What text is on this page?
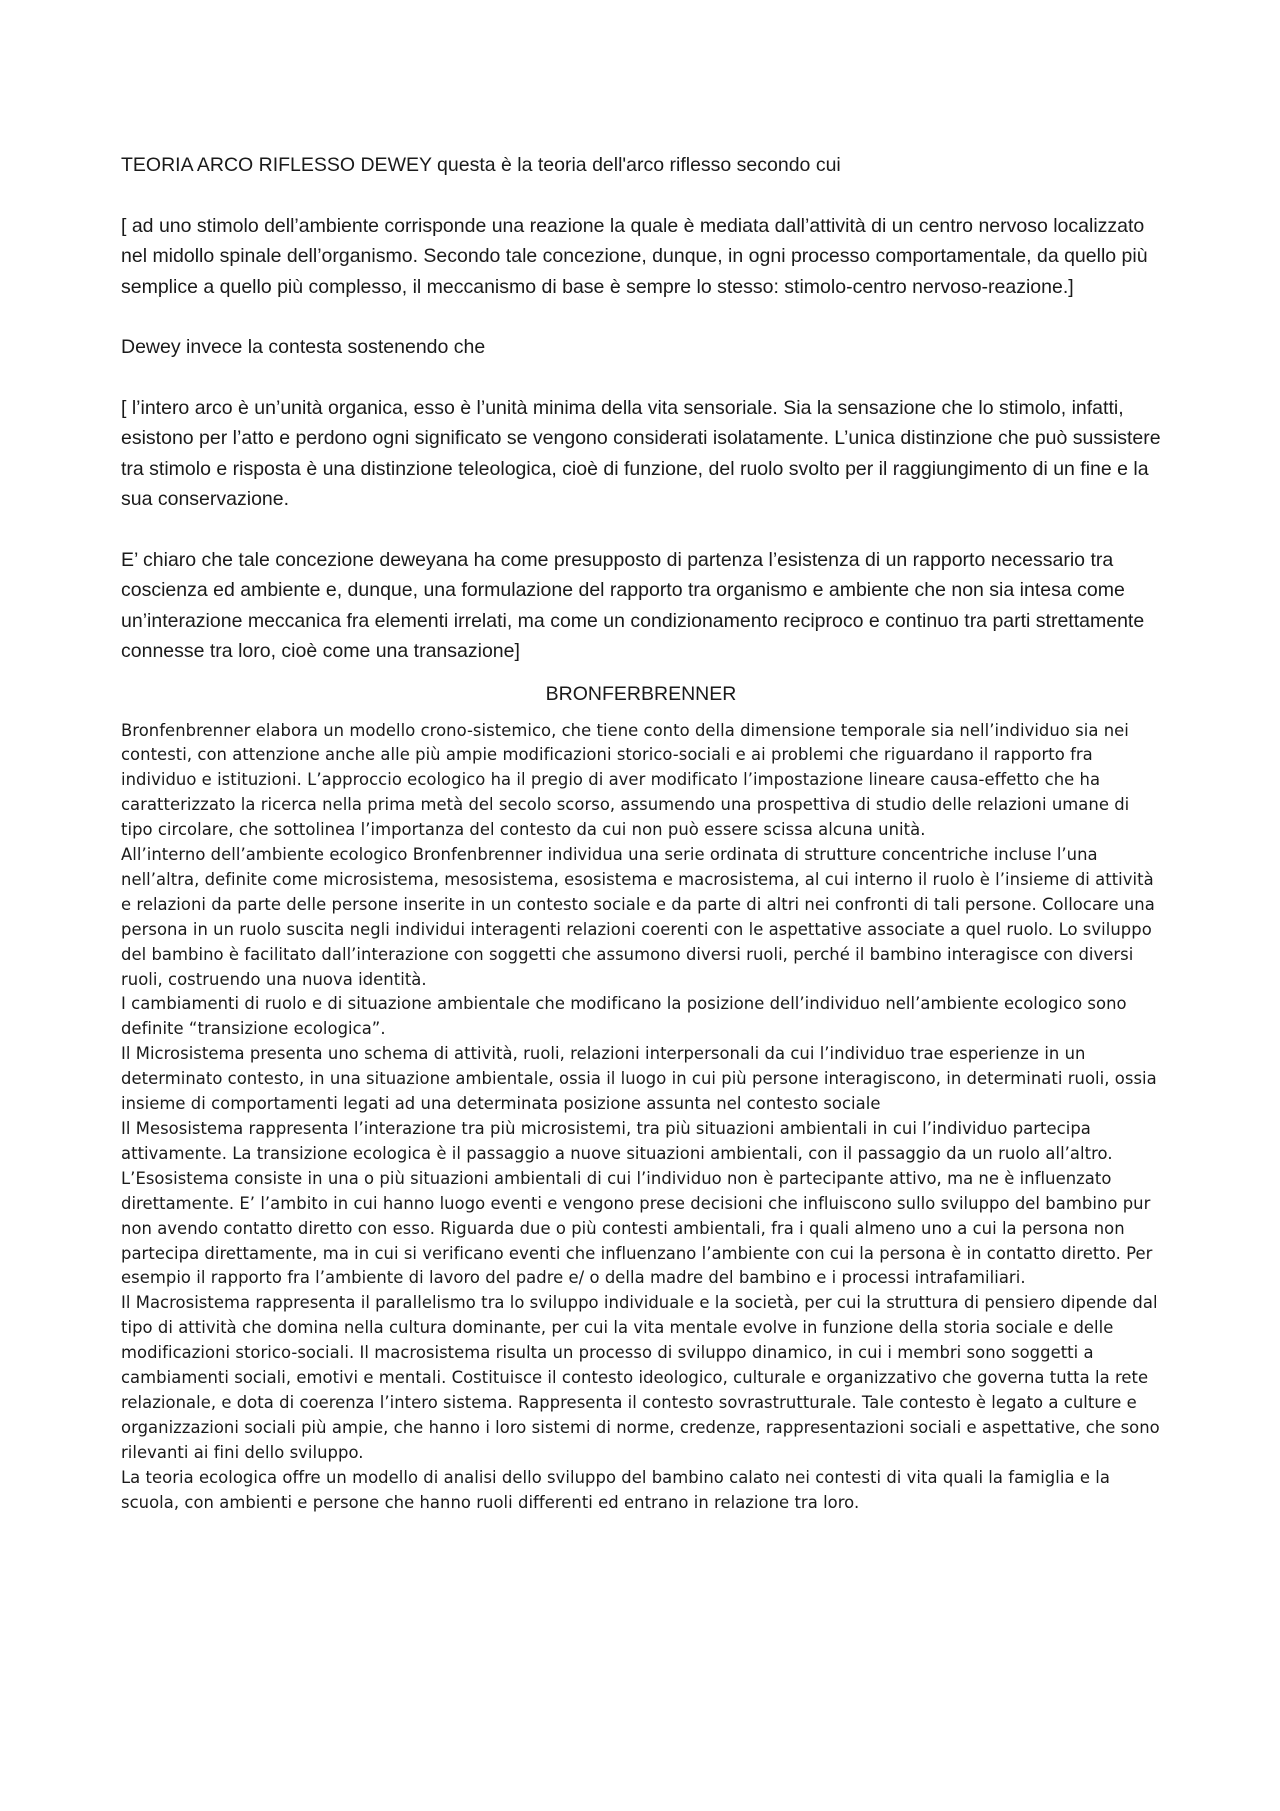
TEORIA ARCO RIFLESSO DEWEY questa è la teoria dell'arco riflesso secondo cui

[ ad uno stimolo dell’ambiente corrisponde una reazione la quale è mediata dall’attività di un centro nervoso localizzato nel midollo spinale dell’organismo. Secondo tale concezione, dunque, in ogni processo comportamentale, da quello più semplice a quello più complesso, il meccanismo di base è sempre lo stesso: stimolo-centro nervoso-reazione.]

Dewey invece la contesta sostenendo che

[ l’intero arco è un’unità organica, esso è l’unità minima della vita sensoriale. Sia la sensazione che lo stimolo, infatti, esistono per l’atto e perdono ogni significato se vengono considerati isolatamente. L’unica distinzione che può sussistere tra stimolo e risposta è una distinzione teleologica, cioè di funzione, del ruolo svolto per il raggiungimento di un fine e la sua conservazione.

E’ chiaro che tale concezione deweyana ha come presupposto di partenza l’esistenza di un rapporto necessario tra coscienza ed ambiente e, dunque, una formulazione del rapporto tra organismo e ambiente che non sia intesa come un’interazione meccanica fra elementi irrelati, ma come un condizionamento reciproco e continuo tra parti strettamente connesse tra loro, cioè come una transazione]

BRONFERBRENNER

Bronfenbrenner elabora un modello crono-sistemico, che tiene conto della dimensione temporale sia nell’individuo sia nei contesti, con attenzione anche alle più ampie modificazioni storico-sociali e ai problemi che riguardano il rapporto fra individuo e istituzioni. L’approccio ecologico ha il pregio di aver modificato l’impostazione lineare causa-effetto che ha caratterizzato la ricerca nella prima metà del secolo scorso, assumendo una prospettiva di studio delle relazioni umane di tipo circolare, che sottolinea l’importanza del contesto da cui non può essere scissa alcuna unità.

All’interno dell’ambiente ecologico Bronfenbrenner individua una serie ordinata di strutture concentriche incluse l’una nell’altra, definite come microsistema, mesosistema, esosistema e macrosistema, al cui interno il ruolo è l’insieme di attività e relazioni da parte delle persone inserite in un contesto sociale e da parte di altri nei confronti di tali persone. Collocare una persona in un ruolo suscita negli individui interagenti relazioni coerenti con le aspettative associate a quel ruolo. Lo sviluppo del bambino è facilitato dall’interazione con soggetti che assumono diversi ruoli, perché il bambino interagisce con diversi ruoli, costruendo una nuova identità.

I cambiamenti di ruolo e di situazione ambientale che modificano la posizione dell’individuo nell’ambiente ecologico sono definite “transizione ecologica”.

Il Microsistema presenta uno schema di attività, ruoli, relazioni interpersonali da cui l’individuo trae esperienze in un determinato contesto, in una situazione ambientale, ossia il luogo in cui più persone interagiscono, in determinati ruoli, ossia insieme di comportamenti legati ad una determinata posizione assunta nel contesto sociale

Il Mesosistema rappresenta l’interazione tra più microsistemi, tra più situazioni ambientali in cui l’individuo partecipa attivamente. La transizione ecologica è il passaggio a nuove situazioni ambientali, con il passaggio da un ruolo all’altro.

L’Esosistema consiste in una o più situazioni ambientali di cui l’individuo non è partecipante attivo, ma ne è influenzato direttamente. E’ l’ambito in cui hanno luogo eventi e vengono prese decisioni che influiscono sullo sviluppo del bambino pur non avendo contatto diretto con esso. Riguarda due o più contesti ambientali, fra i quali almeno uno a cui la persona non partecipa direttamente, ma in cui si verificano eventi che influenzano l’ambiente con cui la persona è in contatto diretto. Per esempio il rapporto fra l’ambiente di lavoro del padre e/ o della madre del bambino e i processi intrafamiliari.

Il Macrosistema rappresenta il parallelismo tra lo sviluppo individuale e la società, per cui la struttura di pensiero dipende dal tipo di attività che domina nella cultura dominante, per cui la vita mentale evolve in funzione della storia sociale e delle modificazioni storico-sociali. Il macrosistema risulta un processo di sviluppo dinamico, in cui i membri sono soggetti a cambiamenti sociali, emotivi e mentali. Costituisce il contesto ideologico, culturale e organizzativo che governa tutta la rete relazionale, e dota di coerenza l’intero sistema. Rappresenta il contesto sovrastrutturale. Tale contesto è legato a culture e organizzazioni sociali più ampie, che hanno i loro sistemi di norme, credenze, rappresentazioni sociali e aspettative, che sono rilevanti ai fini dello sviluppo.

La teoria ecologica offre un modello di analisi dello sviluppo del bambino calato nei contesti di vita quali la famiglia e la scuola, con ambienti e persone che hanno ruoli differenti ed entrano in relazione tra loro.
